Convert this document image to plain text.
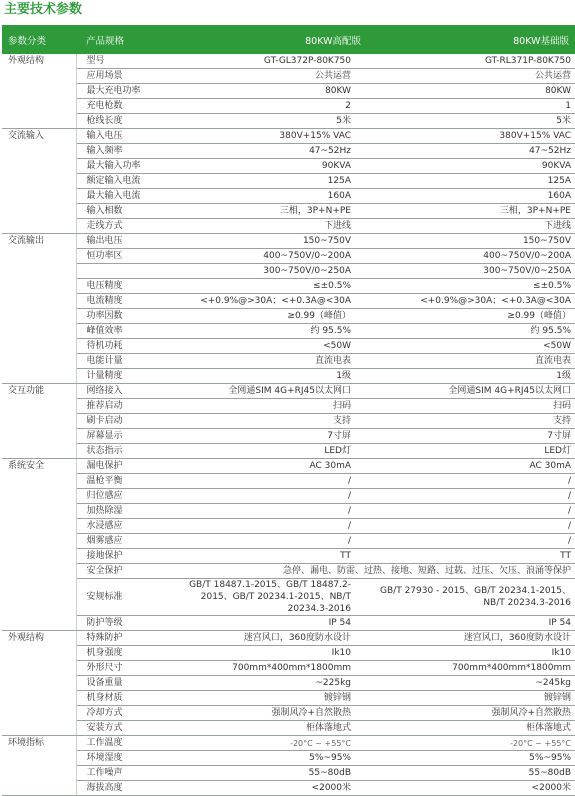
主要技术参数
参数分类	产品规格	80KW高配版	80KW基础版
外观结构	型号	GT-GL372P-80K750	GT-RL371P-80K750
	应用场景	公共运营	公共运营
	最大充电功率	80KW	80KW
	充电枪数	2	1
	枪线长度	5米	5米
交流输入	输入电压	380V+15% VAC	380V+15% VAC
	输入频率	47~52Hz	47~52Hz
	最大输入功率	90KVA	90KVA
	额定输入电流	125A	125A
	最大输入电流	160A	160A
	输入相数	三相，3P+N+PE	三相，3P+N+PE
	走线方式	下进线	下进线
交流输出	输出电压	150~750V	150~750V
	恒功率区	400~750V/0~200A	400~750V/0~200A
		300~750V/0~250A	300~750V/0~250A
	电压精度	≤±0.5%	≤±0.5%
	电流精度	<+0.9%@>30A；<+0.3A@<30A	<+0.9%@>30A；<+0.3A@<30A
	功率因数	≥0.99（峰值）	≥0.99（峰值）
	峰值效率	约 95.5%	约 95.5%
	待机功耗	<50W	<50W
	电能计量	直流电表	直流电表
	计量精度	1级	1级
交互功能	网络接入	全网通SIM 4G+RJ45以太网口	全网通SIM 4G+RJ45以太网口
	推荐启动	扫码	扫码
	刷卡启动	支持	支持
	屏幕显示	7寸屏	7寸屏
	状态指示	LED灯	LED灯
系统安全	漏电保护	AC 30mA	AC 30mA
	温枪平衡	/	/
	归位感应	/	/
	加热除湿	/	/
	水浸感应	/	/
	烟雾感应	/	/
	接地保护	TT	TT
	安全保护	急停、漏电、防雷、过热、接地、短路、过载、过压、欠压、浪涌等保护	
	安规标准	GB/T 18487.1-2015、GB/T 18487.2-2015、GB/T 20234.1-2015、NB/T 20234.3-2016	GB/T 27930 - 2015、GB/T 20234.1-2015、NB/T 20234.3-2016
	防护等级	IP 54	IP 54
外观结构	特殊防护	迷宫风口，360度防水设计	迷宫风口，360度防水设计
	机身强度	Ik10	Ik10
	外形尺寸	700mm*400mm*1800mm	700mm*400mm*1800mm
	设备重量	~225kg	~245kg
	机身材质	镀锌钢	镀锌钢
	冷却方式	强制风冷+自然散热	强制风冷+自然散热
	安装方式	柜体落地式	柜体落地式
环境指标	工作温度	-20°C ~ +55°C	-20°C ~ +55°C
	环境湿度	5%~95%	5%~95%
	工作噪声	55~80dB	55~80dB
	海拔高度	<2000米	<2000米
